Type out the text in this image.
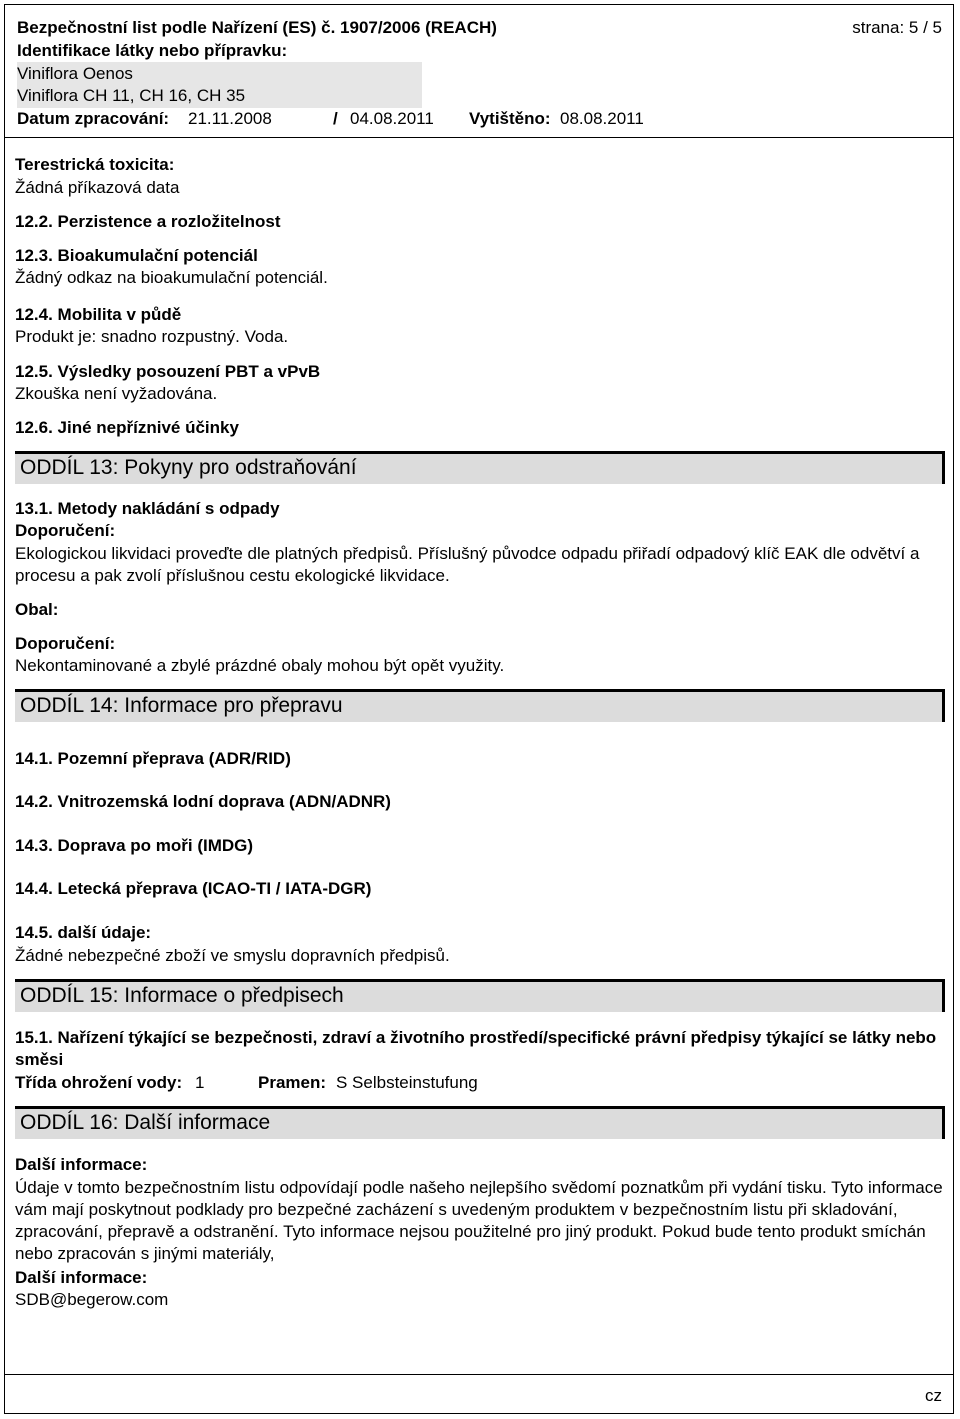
Bezpečnostní list podle Nařízení (ES) č. 1907/2006 (REACH)	strana: 5 / 5
Identifikace látky nebo přípravku:
Viniflora Oenos
Viniflora CH 11, CH 16, CH 35
Datum zpracování: 21.11.2008	/ 04.08.2011 Vytištěno: 08.08.2011
Terestrická toxicita:
Žádná příkazová data
12.2. Perzistence a rozložitelnost
12.3. Bioakumulační potenciál
Žádný odkaz na bioakumulační potenciál.
12.4. Mobilita v půdě
Produkt je: snadno rozpustný. Voda.
12.5. Výsledky posouzení PBT a vPvB
Zkouška není vyžadována.
12.6. Jiné nepříznivé účinky
ODDÍL 13: Pokyny pro odstraňování
13.1. Metody nakládání s odpady
Doporučení:
Ekologickou likvidaci proveďte dle platných předpisů. Příslušný původce odpadu přiřadí odpadový klíč EAK dle odvětví a procesu a pak zvolí příslušnou cestu ekologické likvidace.
Obal:
Doporučení:
Nekontaminované a zbylé prázdné obaly mohou být opět využity.
ODDÍL 14: Informace pro přepravu
14.1. Pozemní přeprava (ADR/RID)
14.2. Vnitrozemská lodní doprava (ADN/ADNR)
14.3. Doprava po moři (IMDG)
14.4. Letecká přeprava (ICAO-TI / IATA-DGR)
14.5. další údaje:
Žádné nebezpečné zboží ve smyslu dopravních předpisů.
ODDÍL 15: Informace o předpisech
15.1. Nařízení týkající se bezpečnosti, zdraví a životního prostředí/specifické právní předpisy týkající se látky nebo směsi
Třída ohrožení vody: 1	Pramen: S Selbsteinstufung
ODDÍL 16: Další informace
Další informace:
Údaje v tomto bezpečnostním listu odpovídají podle našeho nejlepšího svědomí poznatkům při vydání tisku. Tyto informace vám mají poskytnout podklady pro bezpečné zacházení s uvedeným produktem v bezpečnostním listu při skladování, zpracování, přepravě a odstranění. Tyto informace nejsou použitelné pro jiný produkt. Pokud bude tento produkt smíchán nebo zpracován s jinými materiály,
Další informace:
SDB@begerow.com
cz
